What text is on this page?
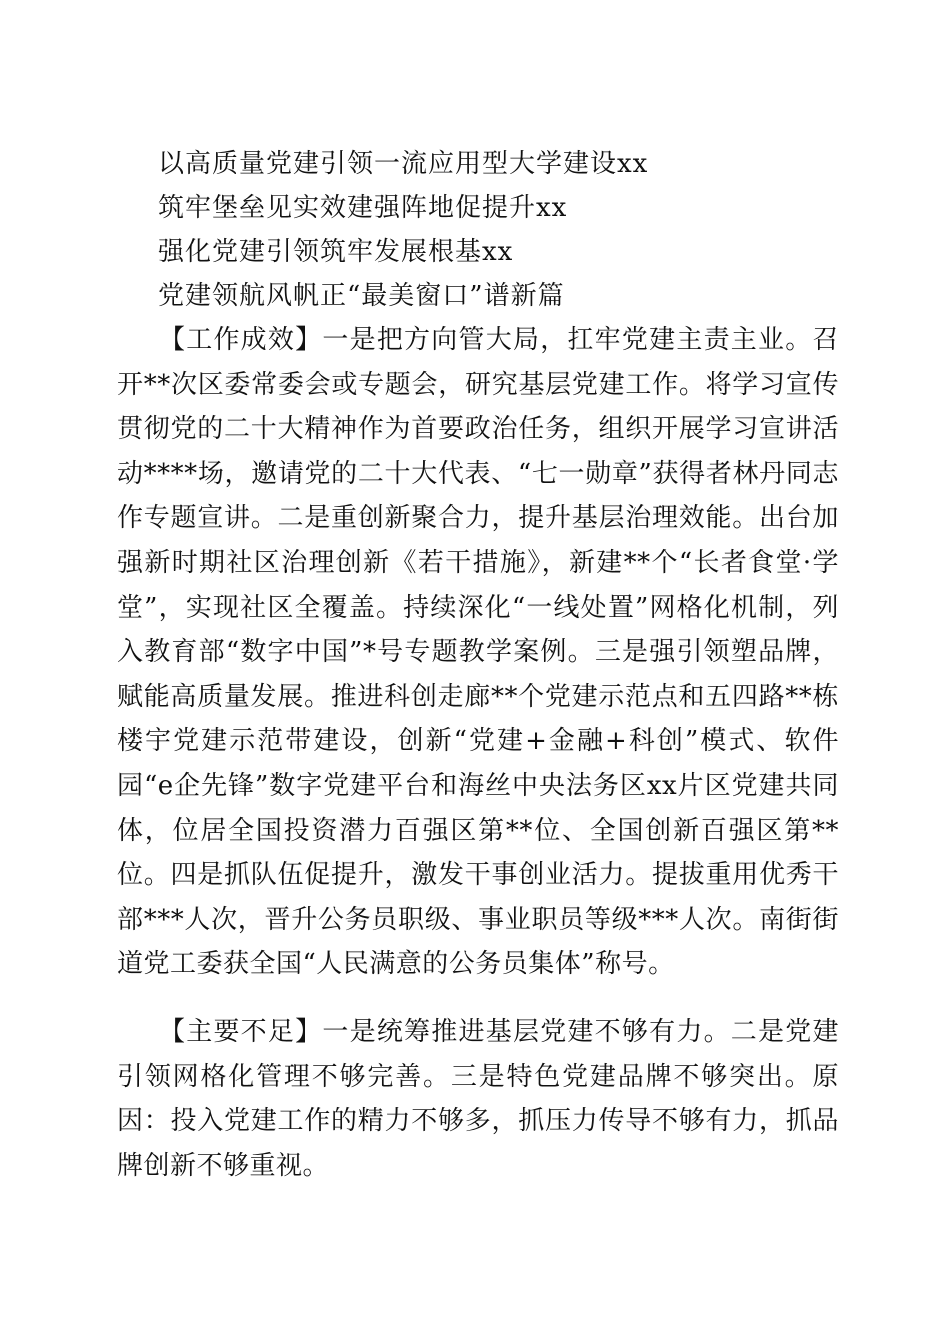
以高质量党建引领一流应用型大学建设xx
筑牢堡垒见实效建强阵地促提升xx
强化党建引领筑牢发展根基xx
党建领航风帆正“最美窗口”谱新篇
【工作成效】一是把方向管大局，扛牢党建主责主业。召开**次区委常委会或专题会，研究基层党建工作。将学习宣传贯彻党的二十大精神作为首要政治任务，组织开展学习宣讲活动****场，邀请党的二十大代表、“七一勋章”获得者林丹同志作专题宣讲。二是重创新聚合力，提升基层治理效能。出台加强新时期社区治理创新《若干措施》，新建**个“长者食堂·学堂”，实现社区全覆盖。持续深化“一线处置”网格化机制，列入教育部“数字中国”*号专题教学案例。三是强引领塑品牌，赋能高质量发展。推进科创走廊**个党建示范点和五四路**栋楼宇党建示范带建设，创新“党建+金融+科创”模式、软件园“e企先锋”数字党建平台和海丝中央法务区xx片区党建共同体，位居全国投资潜力百强区第**位、全国创新百强区第**位。四是抓队伍促提升，激发干事创业活力。提拔重用优秀干部***人次，晋升公务员职级、事业职员等级***人次。南街街道党工委获全国“人民满意的公务员集体”称号。
【主要不足】一是统筹推进基层党建不够有力。二是党建引领网格化管理不够完善。三是特色党建品牌不够突出。原因：投入党建工作的精力不够多，抓压力传导不够有力，抓品牌创新不够重视。
